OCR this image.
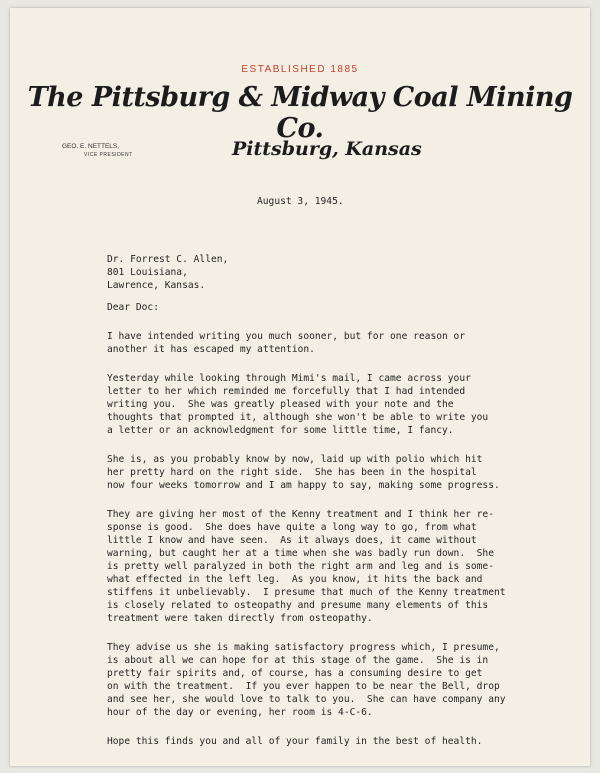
ESTABLISHED 1885
The Pittsburg & Midway Coal Mining Co.
GEO. E. NETTELS,
VICE PRESIDENT	Pittsburg, Kansas
August 3, 1945.
Dr. Forrest C. Allen,
801 Louisiana,
Lawrence, Kansas.
Dear Doc:
I have intended writing you much sooner, but for one reason or
another it has escaped my attention.
Yesterday while looking through Mimi's mail, I came across your
letter to her which reminded me forcefully that I had intended
writing you.  She was greatly pleased with your note and the
thoughts that prompted it, although she won't be able to write you
a letter or an acknowledgment for some little time, I fancy.
She is, as you probably know by now, laid up with polio which hit
her pretty hard on the right side.  She has been in the hospital
now four weeks tomorrow and I am happy to say, making some progress.
They are giving her most of the Kenny treatment and I think her re-
sponse is good.  She does have quite a long way to go, from what
little I know and have seen.  As it always does, it came without
warning, but caught her at a time when she was badly run down.  She
is pretty well paralyzed in both the right arm and leg and is some-
what effected in the left leg.  As you know, it hits the back and
stiffens it unbelievably.  I presume that much of the Kenny treatment
is closely related to osteopathy and presume many elements of this
treatment were taken directly from osteopathy.
They advise us she is making satisfactory progress which, I presume,
is about all we can hope for at this stage of the game.  She is in
pretty fair spirits and, of course, has a consuming desire to get
on with the treatment.  If you ever happen to be near the Bell, drop
and see her, she would love to talk to you.  She can have company any
hour of the day or evening, her room is 4-C-6.
Hope this finds you and all of your family in the best of health.
